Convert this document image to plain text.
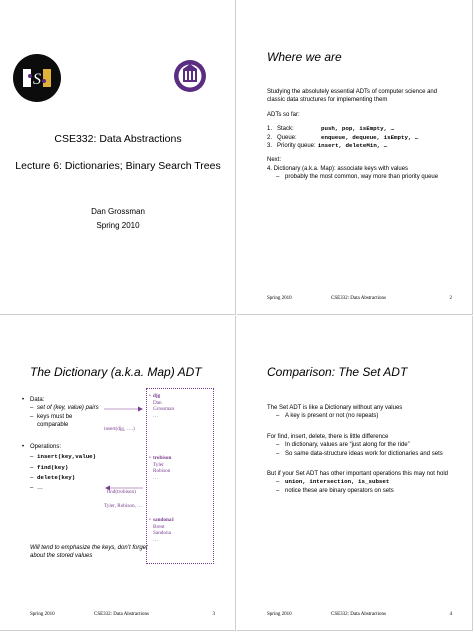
S
CSE332: Data Abstractions
Lecture 6: Dictionaries; Binary Search Trees
Dan Grossman
Spring 2010
Where we are

Studying the absolutely essential ADTs of computer science and classic data structures for implementing them

ADTs so far:

1. Stack:	push, pop, isEmpty, …
2. Queue:	enqueue, dequeue, isEmpty, …
3. Priority queue: insert, deleteMin, …
Next:
4. Dictionary (a.k.a. Map): associate keys with values
– probably the most common, way more than priority queue
Spring 2010	CSE332: Data Abstractions	2
The Dictionary (a.k.a. Map) ADT
• Data:
– set of (key, value) pairs
– keys must be comparable
• Operations:
– insert(key,value)
– find(key)
– delete(key)
– …
Will tend to emphasize the keys, don’t forget about the stored values
insert(djg, ….)
find(trobison)
Tyler, Robison, …
• djg
Dan
Grossman
…
• trobison
Tyler
Robison
…
• sandona1
Brent
Sandona
…
Spring 2010	CSE332: Data Abstractions	3
Comparison: The Set ADT
The Set ADT is like a Dictionary without any values
– A key is present or not (no repeats)
For find, insert, delete, there is little difference
– In dictionary, values are “just along for the ride”
– So same data-structure ideas work for dictionaries and sets
But if your Set ADT has other important operations this may not hold
– union, intersection, is_subset
– notice these are binary operators on sets
Spring 2010	CSE332: Data Abstractions	4
